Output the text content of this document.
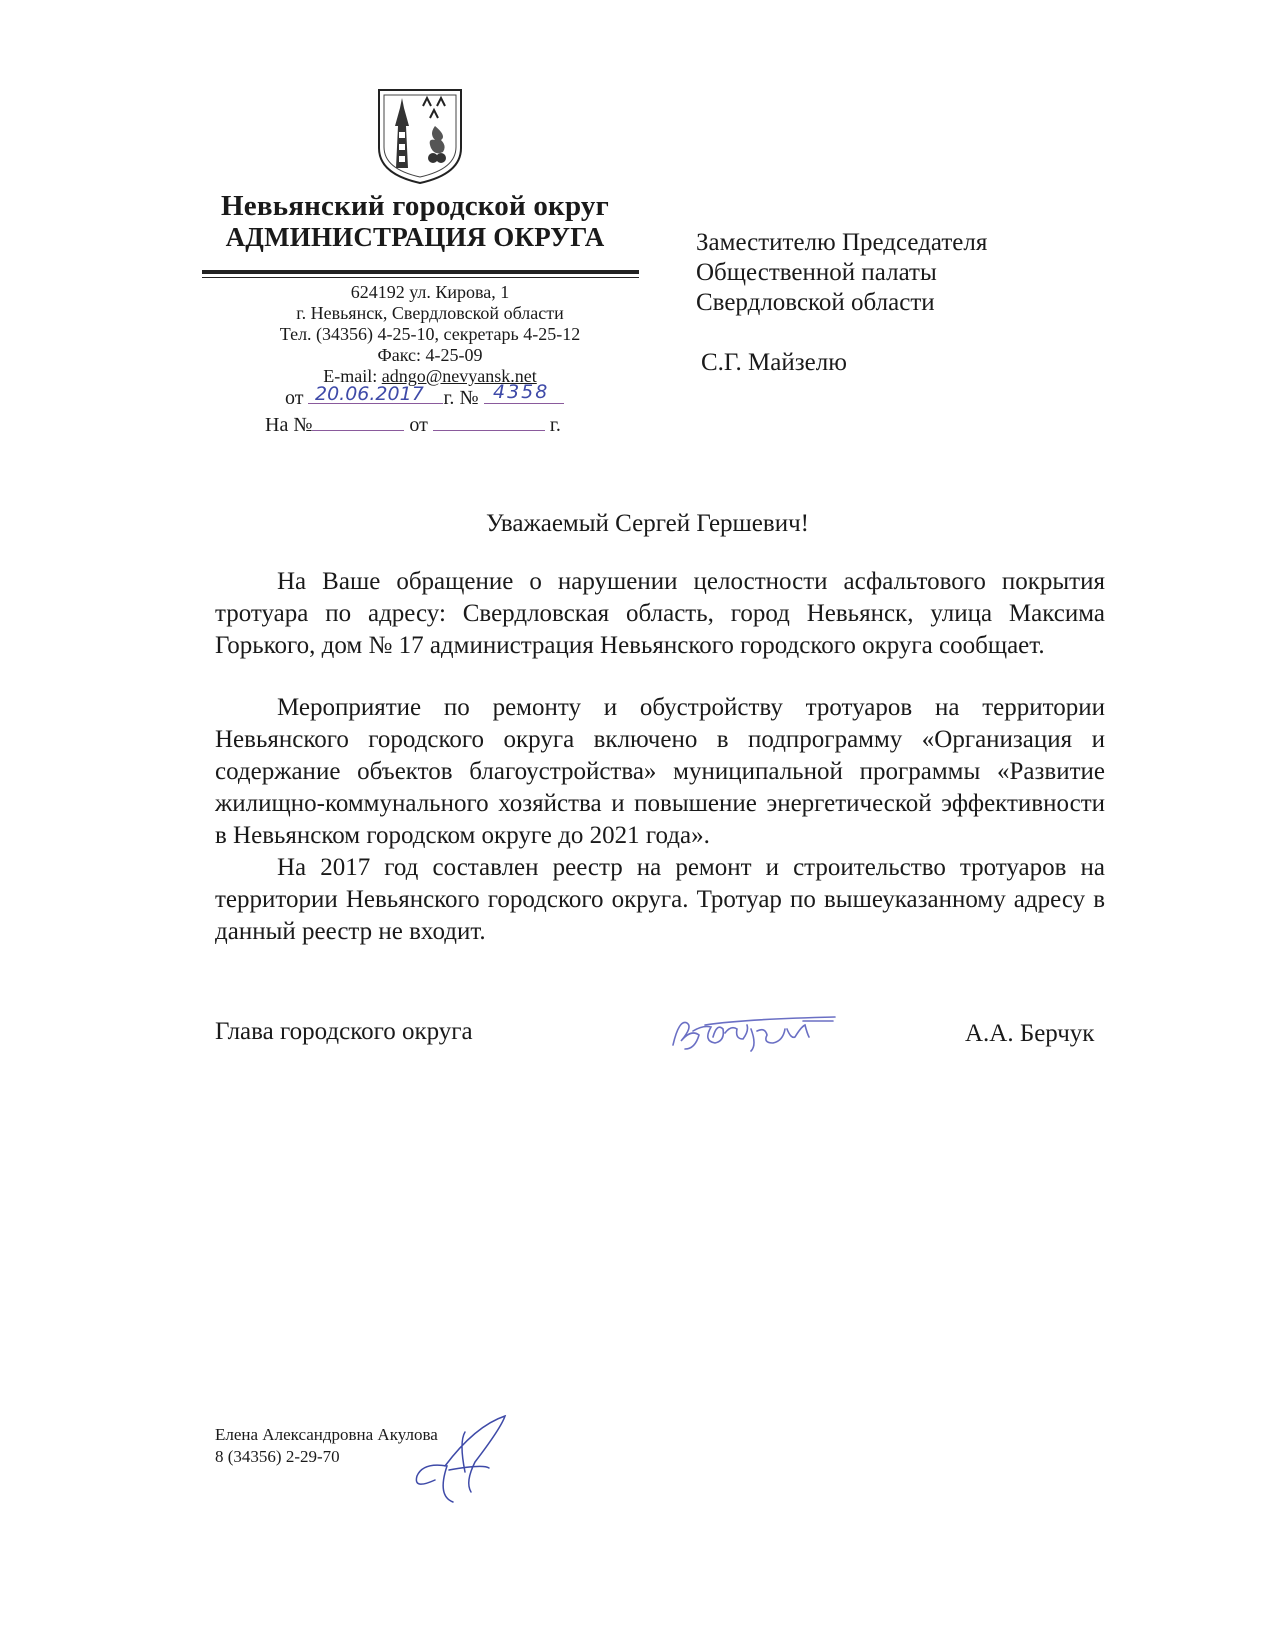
Невьянский городской округ
АДМИНИСТРАЦИЯ ОКРУГА
624192 ул. Кирова, 1
г. Невьянск, Свердловской области
Тел. (34356) 4-25-10, секретарь 4-25-12
Факс: 4-25-09
E-mail: adngo@nevyansk.net
от	г. №
20.06.2017	4358
На №	от	г.
Заместителю Председателя
Общественной палаты
Свердловской области
С.Г. Майзелю
Уважаемый Сергей Гершевич!
На Ваше обращение о нарушении целостности асфальтового покрытия тротуара по адресу: Свердловская область, город Невьянск, улица Максима Горького, дом № 17 администрация Невьянского городского округа сообщает.
Мероприятие по ремонту и обустройству тротуаров на территории Невьянского городского округа включено в подпрограмму «Организация и содержание объектов благоустройства» муниципальной программы «Развитие жилищно-коммунального хозяйства и повышение энергетической эффективности в Невьянском городском округе до 2021 года».
На 2017 год составлен реестр на ремонт и строительство тротуаров на территории Невьянского городского округа. Тротуар по вышеуказанному адресу в данный реестр не входит.
Глава городского округа	А.А. Берчук
Елена Александровна Акулова
8 (34356) 2-29-70
